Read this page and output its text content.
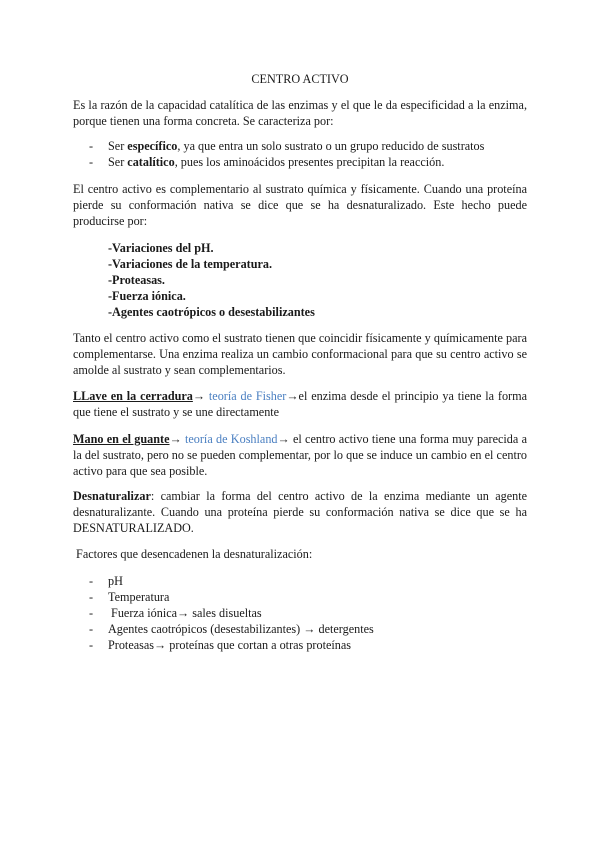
CENTRO ACTIVO
Es la razón de la capacidad catalítica de las enzimas y el que le da especificidad a la enzima, porque tienen una forma concreta. Se caracteriza por:
- Ser específico, ya que entra un solo sustrato o un grupo reducido de sustratos
- Ser catalítico, pues los aminoácidos presentes precipitan la reacción.
El centro activo es complementario al sustrato química y físicamente. Cuando una proteína pierde su conformación nativa se dice que se ha desnaturalizado. Este hecho puede producirse por:
-Variaciones del pH.
-Variaciones de la temperatura.
-Proteasas.
-Fuerza iónica.
-Agentes caotrópicos o desestabilizantes
Tanto el centro activo como el sustrato tienen que coincidir físicamente y químicamente para complementarse. Una enzima realiza un cambio conformacional para que su centro activo se amolde al sustrato y sean complementarios.
LLave en la cerradura→ teoría de Fisher→el enzima desde el principio ya tiene la forma que tiene el sustrato y se une directamente
Mano en el guante→ teoría de Koshland→ el centro activo tiene una forma muy parecida a la del sustrato, pero no se pueden complementar, por lo que se induce un cambio en el centro activo para que sea posible.
Desnaturalizar: cambiar la forma del centro activo de la enzima mediante un agente desnaturalizante. Cuando una proteína pierde su conformación nativa se dice que se ha DESNATURALIZADO.
Factores que desencadenen la desnaturalización:
- pH
- Temperatura
- Fuerza iónica→ sales disueltas
- Agentes caotrópicos (desestabilizantes) → detergentes
- Proteasas→ proteínas que cortan a otras proteínas
